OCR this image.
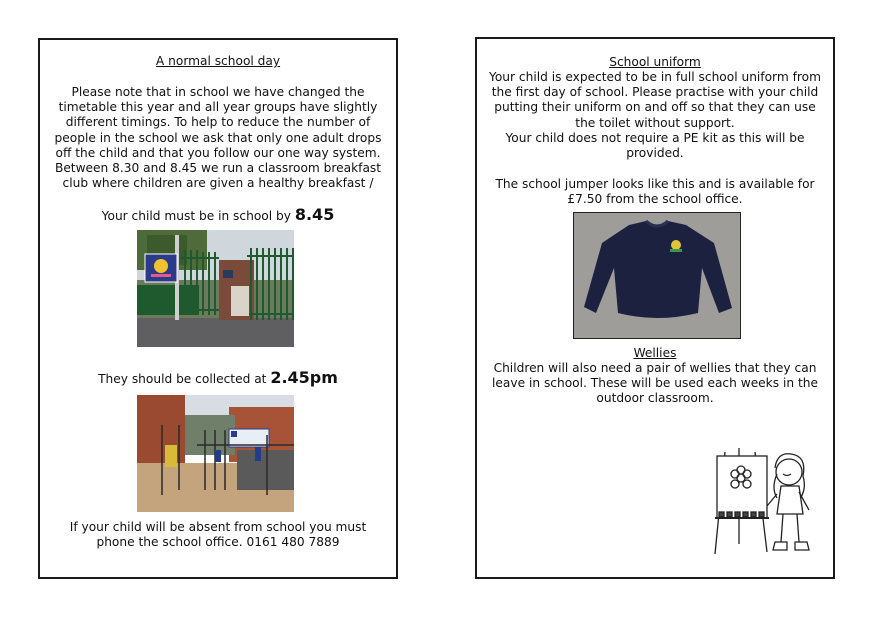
A normal school day
Please note that in school we have changed the
timetable this year and all year groups have slightly
different timings. To help to reduce the number of
people in the school we ask that only one adult drops
off the child and that you follow our one way system.
Between 8.30 and 8.45 we run a classroom breakfast
club where children are given a healthy breakfast /
Your child must be in school by 8.45
They should be collected at 2.45pm
If your child will be absent from school you must
phone the school office. 0161 480 7889
School uniform
Your child is expected to be in full school uniform from
the first day of school. Please practise with your child
putting their uniform on and off so that they can use
the toilet without support.
Your child does not require a PE kit as this will be
provided.
The school jumper looks like this and is available for
£7.50 from the school office.
Wellies
Children will also need a pair of wellies that they can
leave in school. These will be used each weeks in the
outdoor classroom.
